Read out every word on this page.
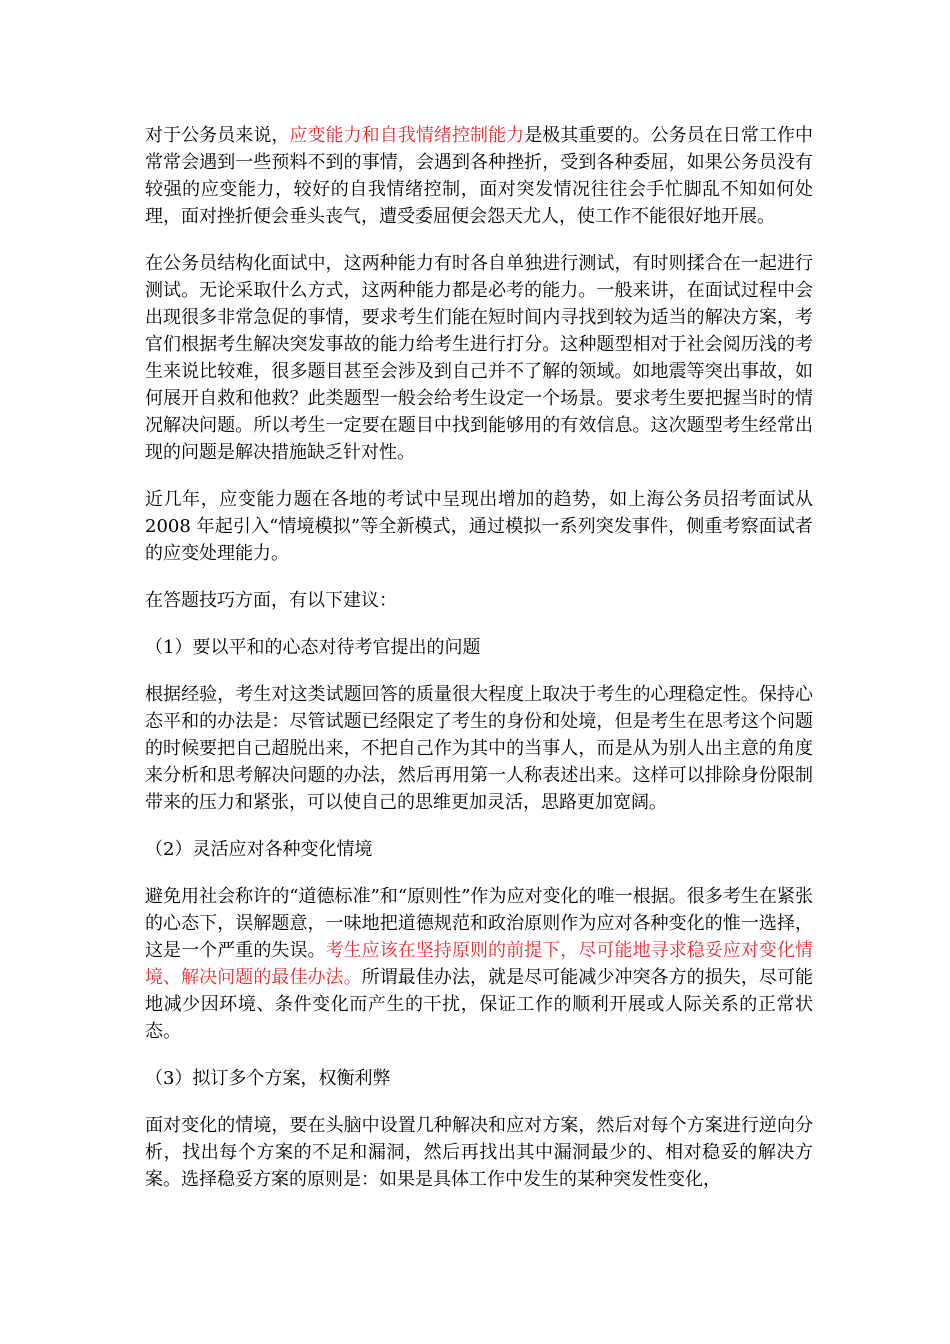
对于公务员来说，应变能力和自我情绪控制能力是极其重要的。公务员在日常工作中常常会遇到一些预料不到的事情，会遇到各种挫折，受到各种委屈，如果公务员没有较强的应变能力，较好的自我情绪控制，面对突发情况往往会手忙脚乱不知如何处理，面对挫折便会垂头丧气，遭受委屈便会怨天尤人，使工作不能很好地开展。

在公务员结构化面试中，这两种能力有时各自单独进行测试，有时则揉合在一起进行测试。无论采取什么方式，这两种能力都是必考的能力。一般来讲，在面试过程中会出现很多非常急促的事情，要求考生们能在短时间内寻找到较为适当的解决方案，考官们根据考生解决突发事故的能力给考生进行打分。这种题型相对于社会阅历浅的考生来说比较难，很多题目甚至会涉及到自己并不了解的领域。如地震等突出事故，如何展开自救和他救？此类题型一般会给考生设定一个场景。要求考生要把握当时的情况解决问题。所以考生一定要在题目中找到能够用的有效信息。这次题型考生经常出现的问题是解决措施缺乏针对性。

近几年，应变能力题在各地的考试中呈现出增加的趋势，如上海公务员招考面试从 2008 年起引入“情境模拟”等全新模式，通过模拟一系列突发事件，侧重考察面试者的应变处理能力。

在答题技巧方面，有以下建议：

（1）要以平和的心态对待考官提出的问题

根据经验，考生对这类试题回答的质量很大程度上取决于考生的心理稳定性。保持心态平和的办法是：尽管试题已经限定了考生的身份和处境，但是考生在思考这个问题的时候要把自己超脱出来，不把自己作为其中的当事人，而是从为别人出主意的角度来分析和思考解决问题的办法，然后再用第一人称表述出来。这样可以排除身份限制带来的压力和紧张，可以使自己的思维更加灵活，思路更加宽阔。

（2）灵活应对各种变化情境

避免用社会称许的“道德标准”和“原则性”作为应对变化的唯一根据。很多考生在紧张的心态下，误解题意，一味地把道德规范和政治原则作为应对各种变化的惟一选择，这是一个严重的失误。考生应该在坚持原则的前提下，尽可能地寻求稳妥应对变化情境、解决问题的最佳办法。所谓最佳办法，就是尽可能减少冲突各方的损失，尽可能地减少因环境、条件变化而产生的干扰，保证工作的顺利开展或人际关系的正常状态。

（3）拟订多个方案，权衡利弊

面对变化的情境，要在头脑中设置几种解决和应对方案，然后对每个方案进行逆向分析，找出每个方案的不足和漏洞，然后再找出其中漏洞最少的、相对稳妥的解决方案。选择稳妥方案的原则是：如果是具体工作中发生的某种突发性变化，
